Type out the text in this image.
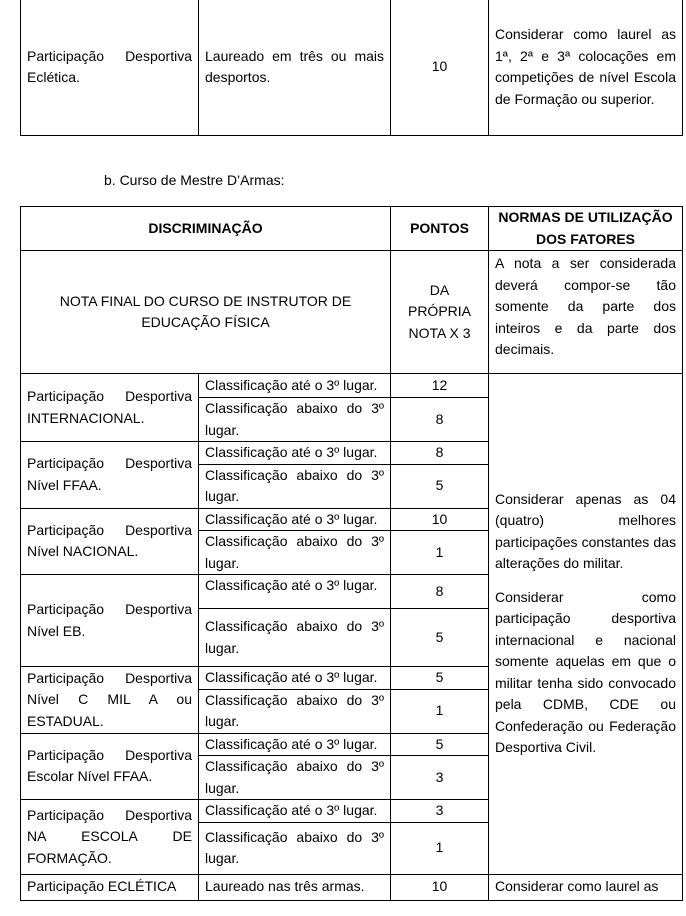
Participação Desportiva Eclética.	Laureado em três ou mais desportos.	10	Considerar como laurel as 1ª, 2ª e 3ª colocações em competições de nível Escola de Formação ou superior.
b. Curso de Mestre D’Armas:
DISCRIMINAÇÃO		PONTOS	NORMAS DE UTILIZAÇÃO DOS FATORES
NOTA FINAL DO CURSO DE INSTRUTOR DE EDUCAÇÃO FÍSICA		DA PRÓPRIA NOTA X 3	A nota a ser considerada deverá compor-se tão somente da parte dos inteiros e da parte dos decimais.
Participação Desportiva INTERNACIONAL.	Classificação até o 3º lugar.	12	Considerar apenas as 04 (quatro) melhores participações constantes das alterações do militar.

Considerar como participação desportiva internacional e nacional somente aquelas em que o militar tenha sido convocado pela CDMB, CDE ou Confederação ou Federação Desportiva Civil.

	Classificação abaixo do 3º lugar.	8	
Participação Desportiva Nível FFAA.	Classificação até o 3º lugar.	8	
	Classificação abaixo do 3º lugar.	5	
Participação Desportiva Nível NACIONAL.	Classificação até o 3º lugar.	10	
	Classificação abaixo do 3º lugar.	1	
Participação Desportiva Nível EB.	Classificação até o 3º lugar.	8	
	Classificação abaixo do 3º lugar.	5	
Participação Desportiva Nível C MIL A ou ESTADUAL.	Classificação até o 3º lugar.	5	
	Classificação abaixo do 3º lugar.	1	
Participação Desportiva Escolar Nível FFAA.	Classificação até o 3º lugar.	5	
	Classificação abaixo do 3º lugar.	3	
Participação Desportiva NA ESCOLA DE FORMAÇÃO.	Classificação até o 3º lugar.	3	
	Classificação abaixo do 3º lugar.	1	
Participação ECLÉTICA	Laureado nas três armas.	10	Considerar como laurel as
